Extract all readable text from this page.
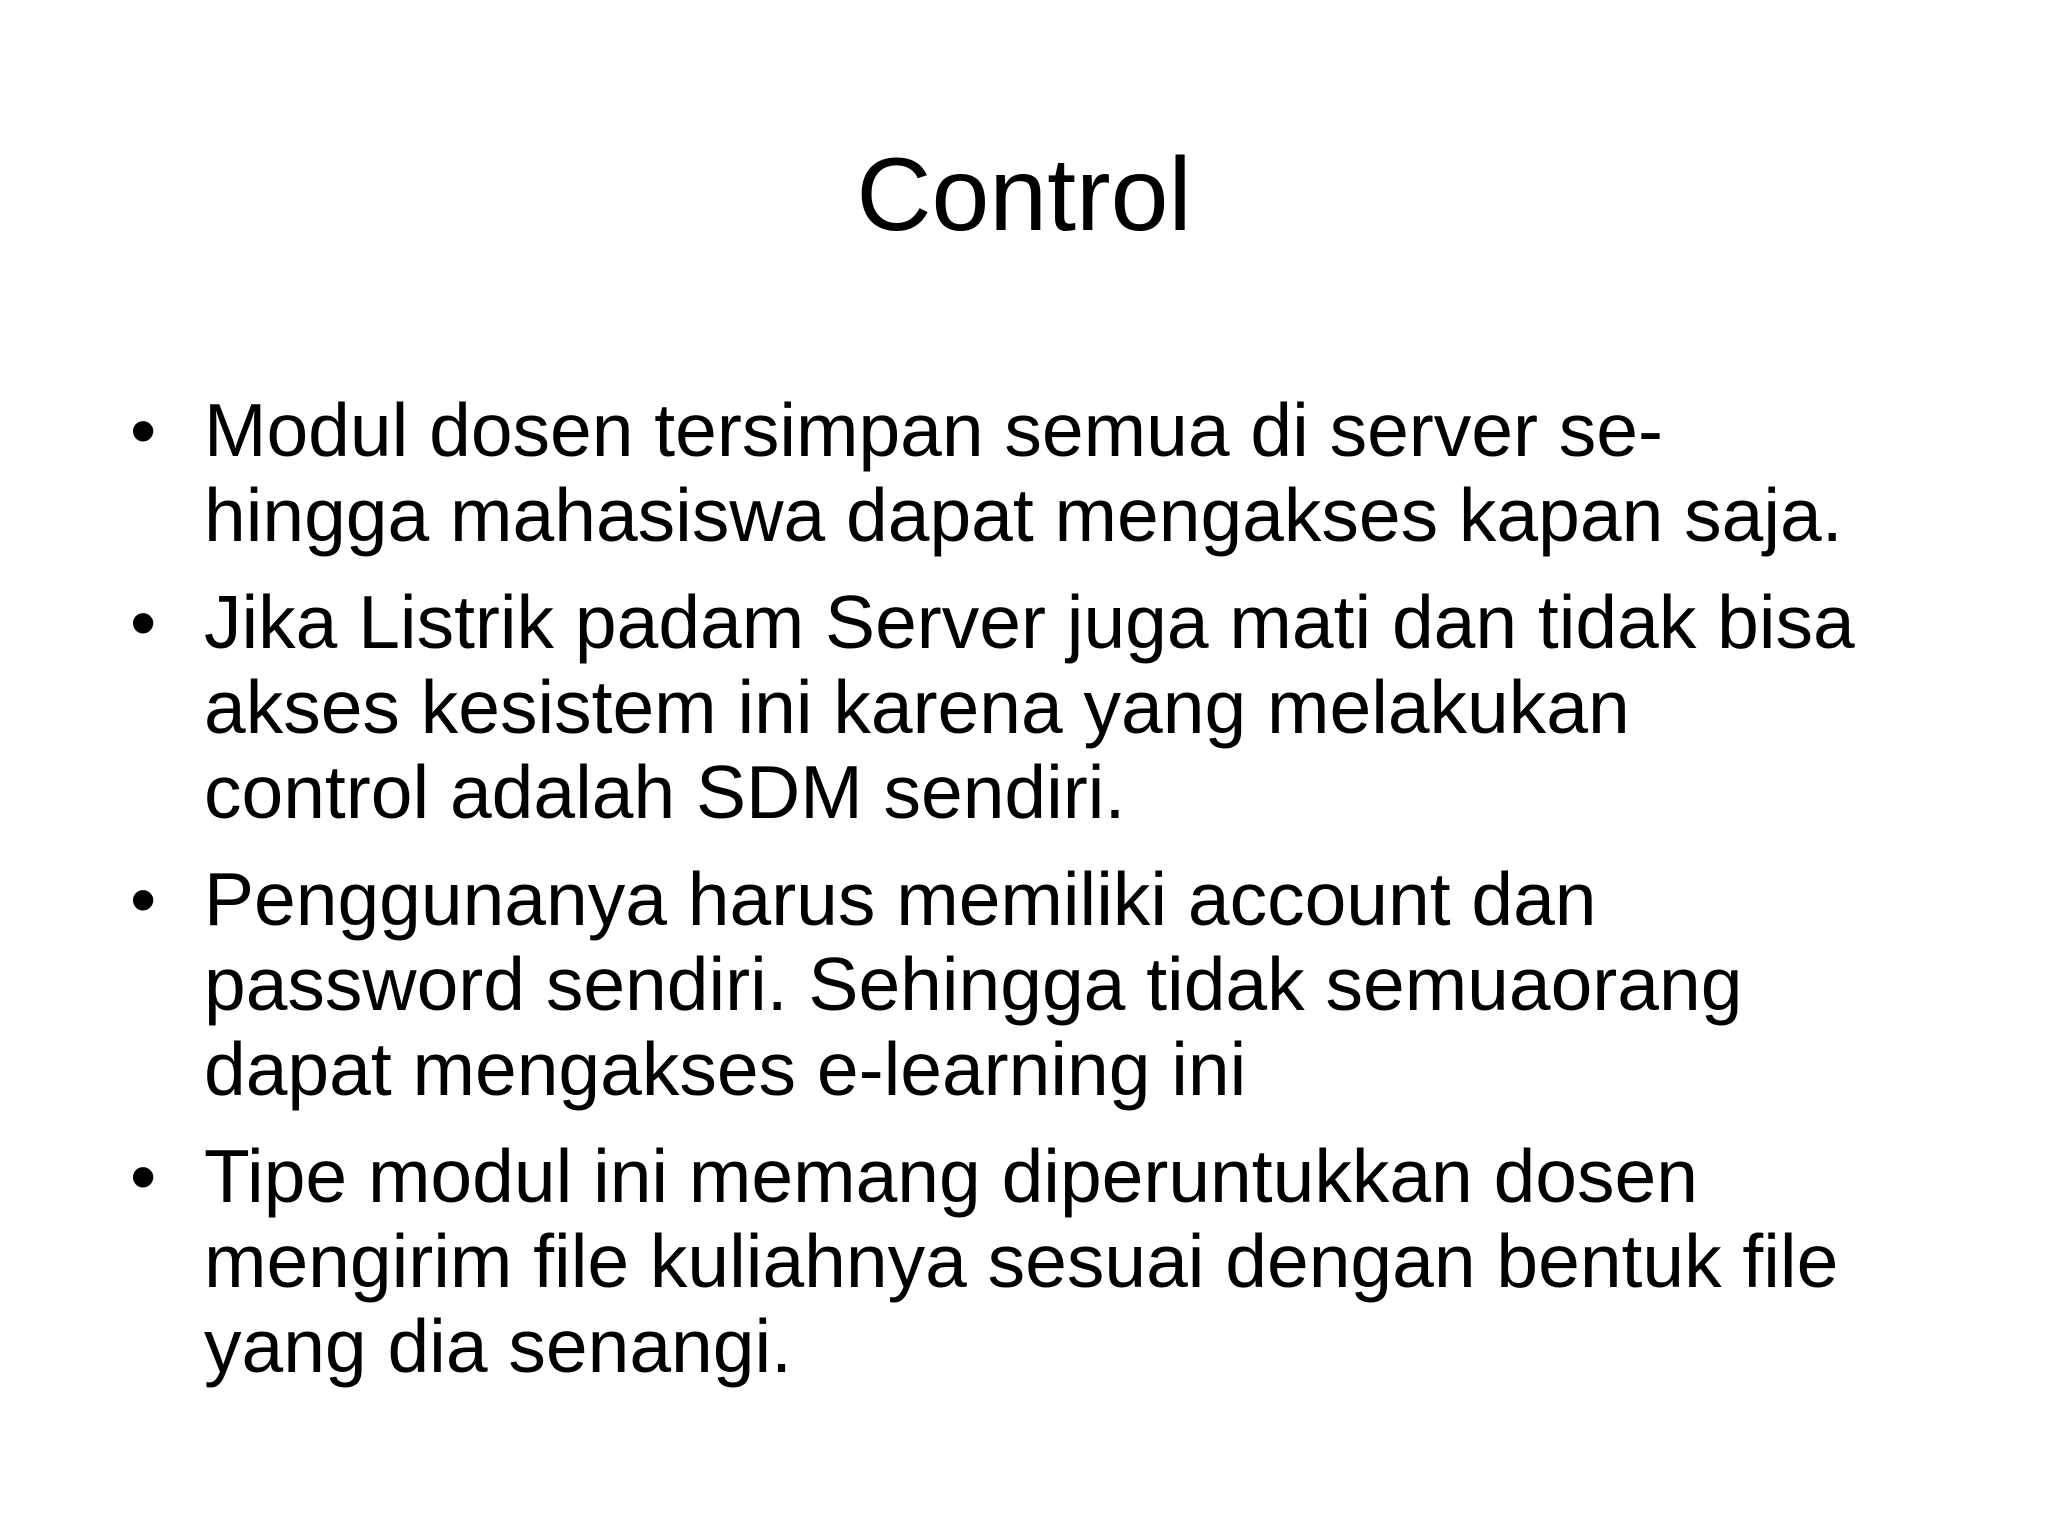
Control
• Modul dosen tersimpan semua di server se-
hingga mahasiswa dapat mengakses kapan saja.
• Jika Listrik padam Server juga mati dan tidak bisa
akses kesistem ini karena yang melakukan
control adalah SDM sendiri.
• Penggunanya harus memiliki account dan
password sendiri. Sehingga tidak semuaorang
dapat mengakses e-learning ini
• Tipe modul ini memang diperuntukkan dosen
mengirim file kuliahnya sesuai dengan bentuk file
yang dia senangi.
